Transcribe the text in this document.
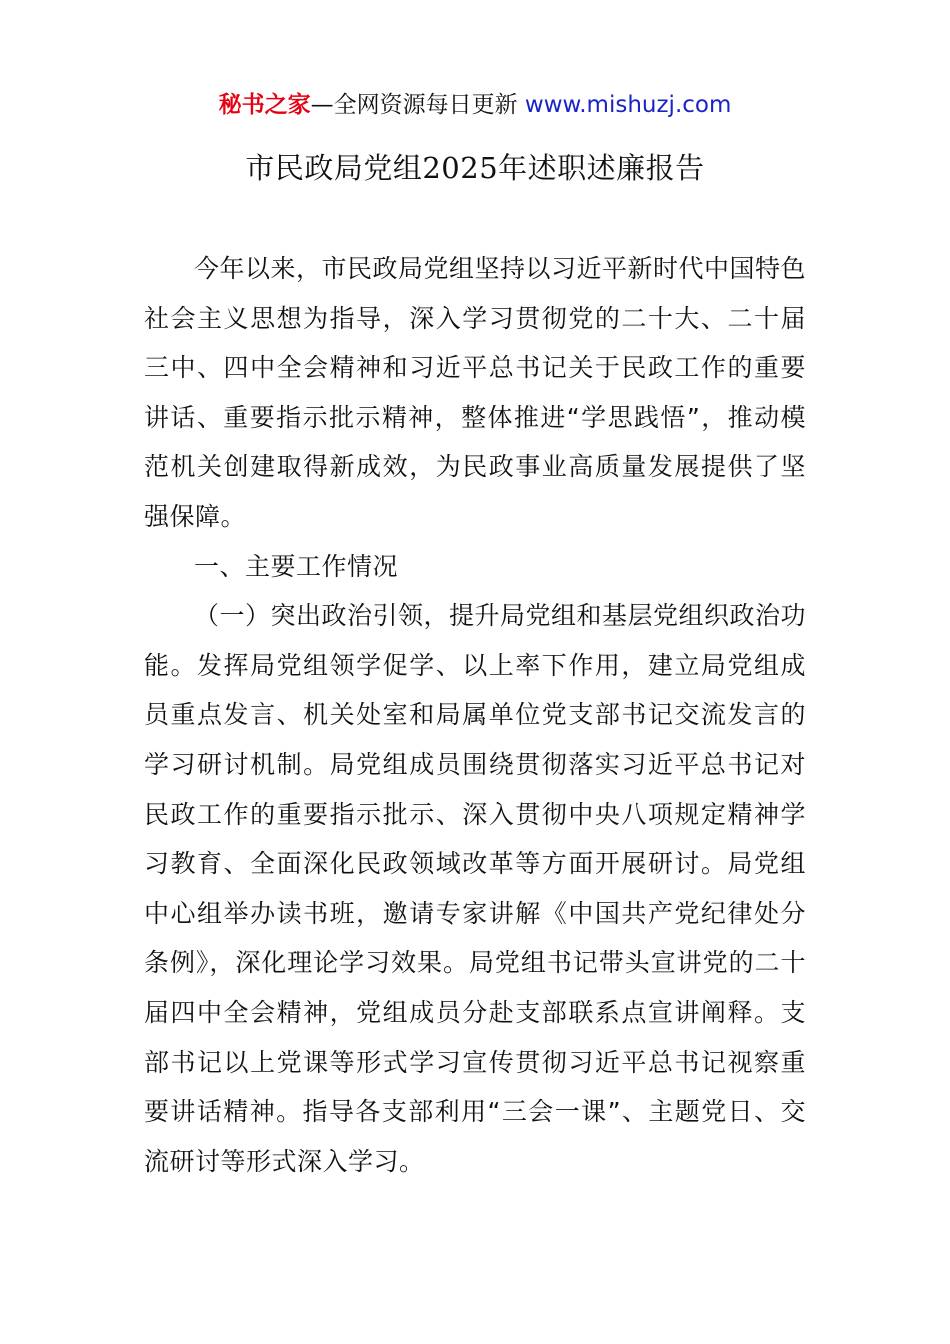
秘书之家—全网资源每日更新 www.mishuzj.com
市民政局党组2025年述职述廉报告

今年以来，市民政局党组坚持以习近平新时代中国特色社会主义思想为指导，深入学习贯彻党的二十大、二十届三中、四中全会精神和习近平总书记关于民政工作的重要讲话、重要指示批示精神，整体推进“学思践悟”，推动模范机关创建取得新成效，为民政事业高质量发展提供了坚强保障。

一、主要工作情况

（一）突出政治引领，提升局党组和基层党组织政治功能。发挥局党组领学促学、以上率下作用，建立局党组成员重点发言、机关处室和局属单位党支部书记交流发言的学习研讨机制。局党组成员围绕贯彻落实习近平总书记对民政工作的重要指示批示、深入贯彻中央八项规定精神学习教育、全面深化民政领域改革等方面开展研讨。局党组中心组举办读书班，邀请专家讲解《中国共产党纪律处分条例》，深化理论学习效果。局党组书记带头宣讲党的二十届四中全会精神，党组成员分赴支部联系点宣讲阐释。支部书记以上党课等形式学习宣传贯彻习近平总书记视察重要讲话精神。指导各支部利用“三会一课”、主题党日、交流研讨等形式深入学习。
